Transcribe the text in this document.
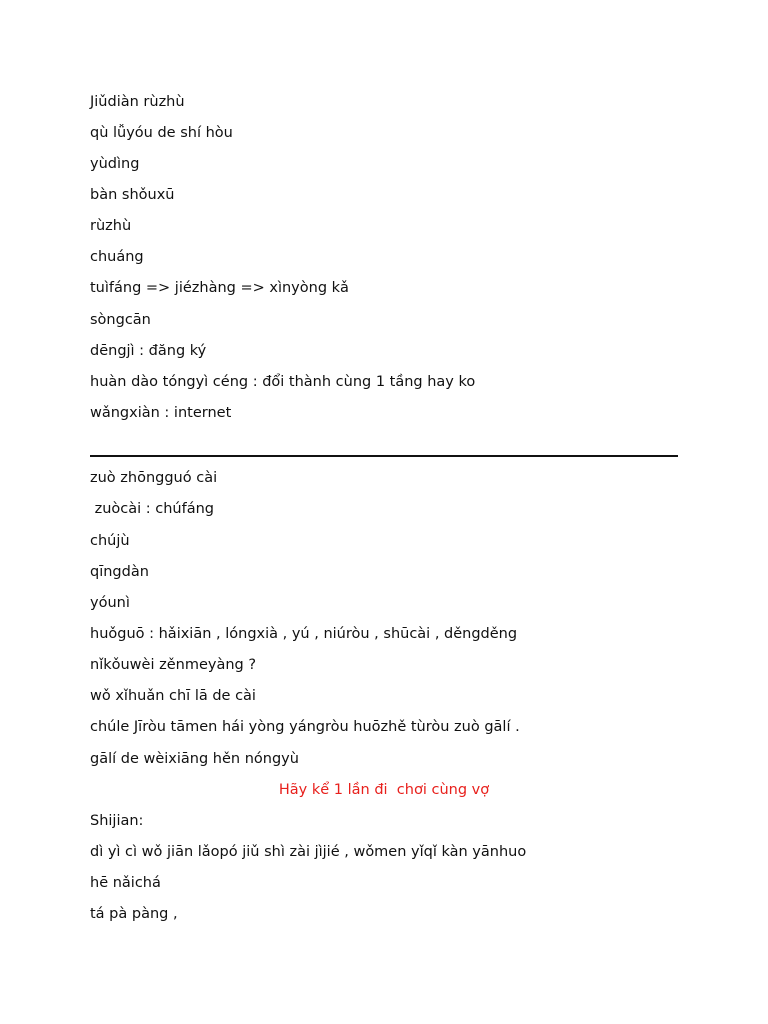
Jiǔdiàn rùzhù
qù lǚyóu de shí hòu
yùdìng
bàn shǒuxū
rùzhù
chuáng
tuìfáng => jiézhàng => xìnyòng kǎ
sòngcān
dēngjì : đăng ký
huàn dào tóngyì céng : đổi thành cùng 1 tầng hay ko
wǎngxiàn : internet
zuò zhōngguó cài
zuòcài : chúfáng
chújù
qīngdàn
yóunì
huǒguō : hǎixiān , lóngxià , yú , niúròu , shūcài , děngděng
nǐkǒuwèi zěnmeyàng ?
wǒ xǐhuǎn chī lā de cài
chúle Jīròu tāmen hái yòng yángròu huōzhě tùròu zuò gālí .
gālí de wèixiāng hěn nóngyù
Hãy kể 1 lần đi  chơi cùng vợ
Shijian:
dì yì cì wǒ jiān lǎopó jiǔ shì zài jìjié , wǒmen yǐqǐ kàn yānhuo
hē nǎichá
tá pà pàng ,
